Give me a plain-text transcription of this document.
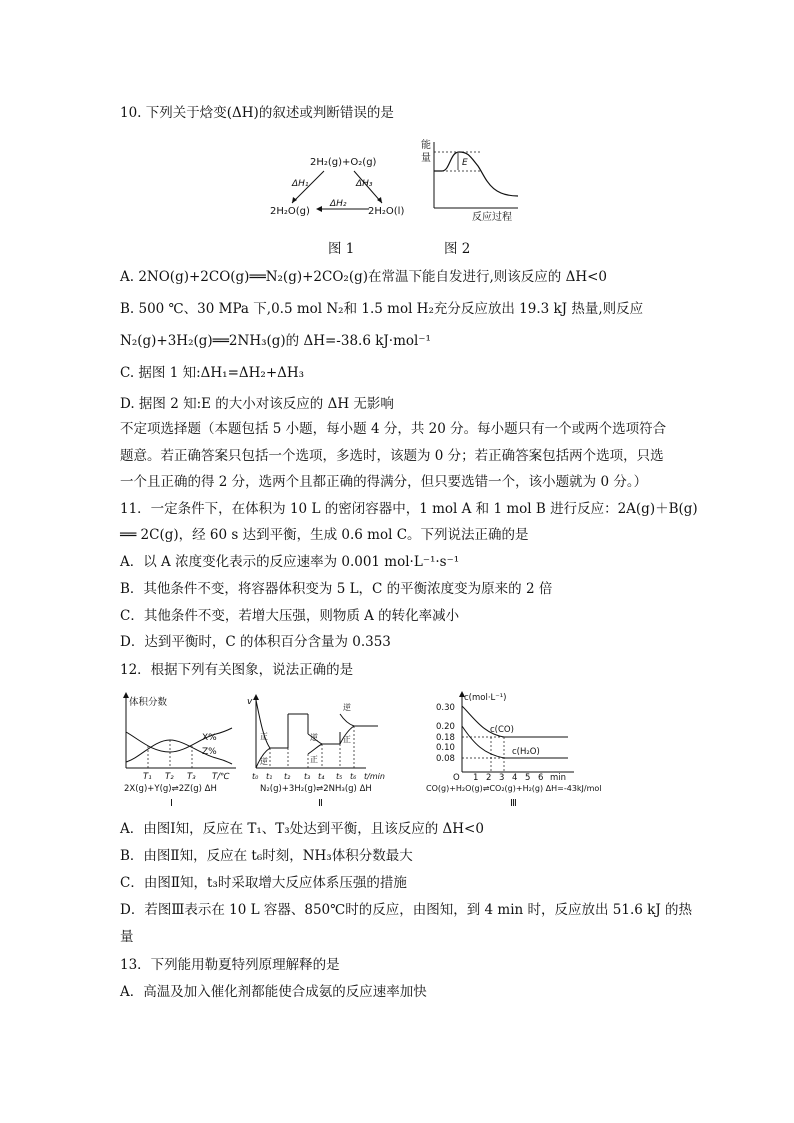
10. 下列关于焓变(ΔH)的叙述或判断错误的是
2H₂(g)+O₂(g)
ΔH₁	ΔH₃
ΔH₂
2H₂O(g)	2H₂O(l)
能
量	E
反应过程
图 1	图 2
A. 2NO(g)+2CO(g)══N₂(g)+2CO₂(g)在常温下能自发进行,则该反应的 ΔH<0
B. 500 ℃、30 MPa 下,0.5 mol N₂和 1.5 mol H₂充分反应放出 19.3 kJ 热量,则反应
N₂(g)+3H₂(g)══2NH₃(g)的 ΔH=-38.6 kJ·mol⁻¹
C. 据图 1 知:ΔH₁=ΔH₂+ΔH₃
D. 据图 2 知:E 的大小对该反应的 ΔH 无影响
不定项选择题（本题包括 5 小题，每小题 4 分，共 20 分。每小题只有一个或两个选项符合
题意。若正确答案只包括一个选项，多选时，该题为 0 分；若正确答案包括两个选项，只选
一个且正确的得 2 分，选两个且都正确的得满分，但只要选错一个，该小题就为 0 分。）
11．一定条件下，在体积为 10 L 的密闭容器中，1 mol A 和 1 mol B 进行反应：2A(g)＋B(g)
══ 2C(g)，经 60 s 达到平衡，生成 0.6 mol C。下列说法正确的是
A．以 A 浓度变化表示的反应速率为 0.001 mol·L⁻¹·s⁻¹
B．其他条件不变，将容器体积变为 5 L，C 的平衡浓度变为原来的 2 倍
C．其他条件不变，若增大压强，则物质 A 的转化率减小
D．达到平衡时，C 的体积百分含量为 0.353
12．根据下列有关图象，说法正确的是
体积分数
X%
Z%
T₁ T₂ T₃ T/℃
2X(g)+Y(g)⇌2Z(g) ΔH
Ⅰ
v
正
逆
逆
正
逆
正
t₀ t₁ t₂ t₃ t₄ t₅ t₆ t/min
N₂(g)+3H₂(g)⇌2NH₃(g) ΔH
Ⅱ
c(mol·L⁻¹)
0.30
0.20
0.18
0.10
0.08
c(CO)
c(H₂O)
O 1 2 3 4 5 6 min
CO(g)+H₂O(g)⇌CO₂(g)+H₂(g) ΔH=-43kJ/mol
Ⅲ
A．由图Ⅰ知，反应在 T₁、T₃处达到平衡，且该反应的 ΔH<0
B．由图Ⅱ知，反应在 t₆时刻，NH₃体积分数最大
C．由图Ⅱ知，t₃时采取增大反应体系压强的措施
D．若图Ⅲ表示在 10 L 容器、850℃时的反应，由图知，到 4 min 时，反应放出 51.6 kJ 的热
量
13．下列能用勒夏特列原理解释的是
A．高温及加入催化剂都能使合成氨的反应速率加快
